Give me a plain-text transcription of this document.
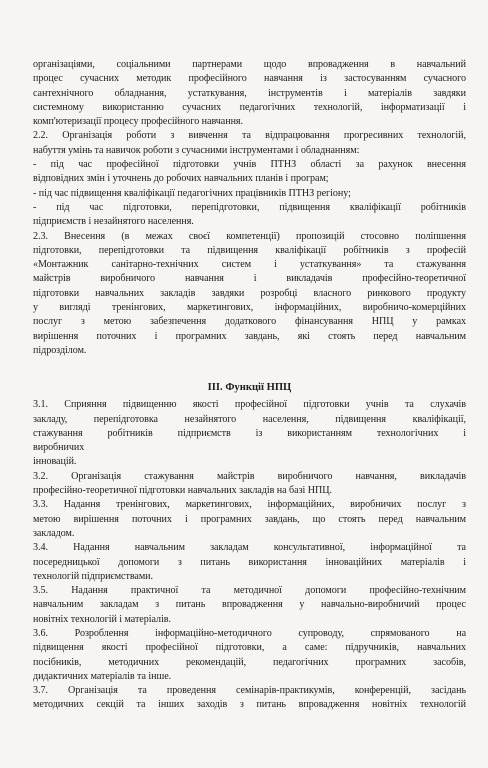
організаціями, соціальними партнерами щодо впровадження в навчальний
процес сучасних методик професійного навчання із застосуванням сучасного
сантехнічного обладнання, устаткування, інструментів і матеріалів завдяки
системному використанню сучасних педагогічних технологій, інформатизації і
комп'ютеризації процесу професійного навчання.
2.2. Організація роботи з вивчення та відпрацювання прогресивних технологій,
набуття умінь та навичок роботи з сучасними інструментами і обладнанням:
- під час професійної підготовки учнів ПТНЗ області за рахунок внесення
відповідних змін і уточнень до робочих навчальних планів і програм;
- під час підвищення кваліфікації педагогічних працівників ПТНЗ регіону;
- під час підготовки, перепідготовки, підвищення кваліфікації робітників
підприємств і незайнятого населення.
2.3. Внесення (в межах своєї компетенції) пропозицій стосовно поліпшення
підготовки, перепідготовки та підвищення кваліфікації робітників з професій
«Монтажник санітарно-технічних систем і устаткування» та стажування
майстрів виробничого навчання і викладачів професійно-теоретичної
підготовки навчальних закладів завдяки розробці власного ринкового продукту
у вигляді тренінгових, маркетингових, інформаційних, виробничо-комерційних
послуг з метою забезпечення додаткового фінансування НПЦ у рамках
вирішення поточних і програмних завдань, які стоять перед навчальним
підрозділом.
III. Функції НПЦ
3.1. Сприяння підвищенню якості професійної підготовки учнів та слухачів
закладу, перепідготовка незайнятого населення, підвищення кваліфікації,
стажування робітників підприємств із використанням технологічних і
виробничих
інновацій.
3.2. Організація стажування майстрів виробничого навчання, викладачів
професійно-теоретичної підготовки навчальних закладів на базі НПЦ.
3.3. Надання тренінгових, маркетингових, інформаційних, виробничих послуг з
метою вирішення поточних і програмних завдань, що стоять перед навчальним
закладом.
3.4. Надання навчальним закладам консультативної, інформаційної та
посередницької допомоги з питань використання інноваційних матеріалів і
технологій підприємствами.
3.5. Надання практичної та методичної допомоги професійно-технічним
навчальним закладам з питань впровадження у навчально-виробничий процес
новітніх технологій і матеріалів.
3.6. Розроблення інформаційно-методичного супроводу, спрямованого на
підвищення якості професійної підготовки, а саме: підручників, навчальних
посібників, методичних рекомендацій, педагогічних програмних засобів,
дидактичних матеріалів та інше.
3.7. Організація та проведення семінарів-практикумів, конференцій, засідань
методичних секцій та інших заходів з питань впровадження новітніх технологій
